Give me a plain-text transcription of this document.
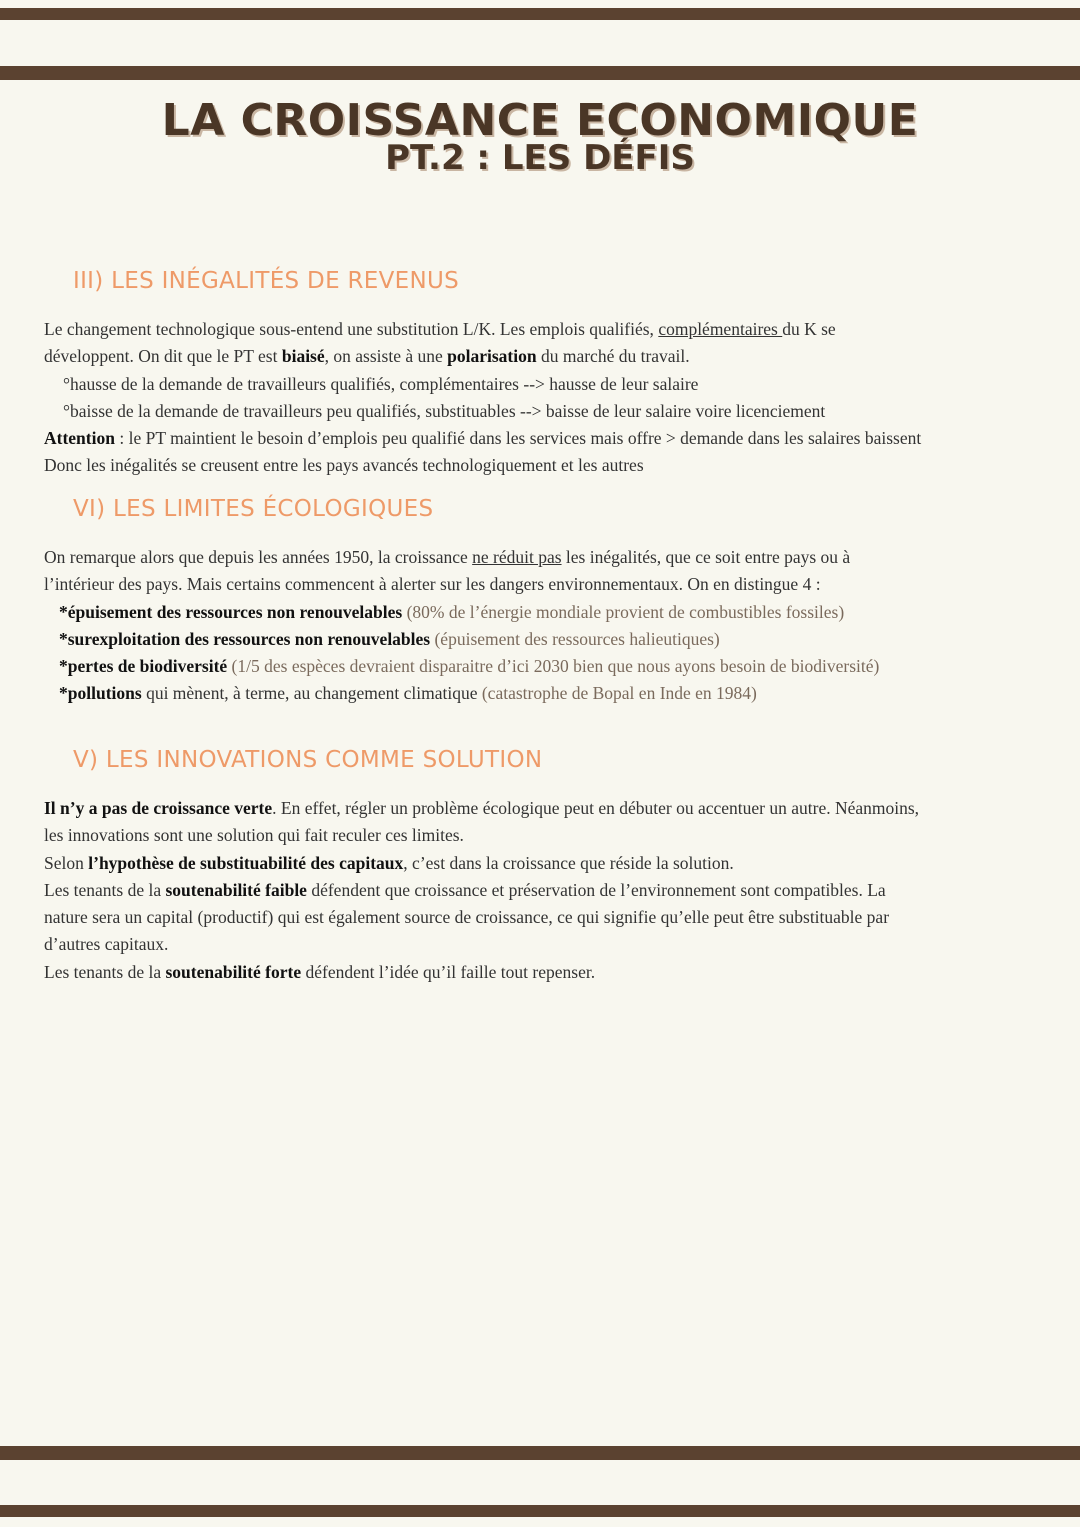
LA CROISSANCE ECONOMIQUE
PT.2 : LES DÉFIS
III) LES INÉGALITÉS DE REVENUS

Le changement technologique sous-entend une substitution L/K. Les emplois qualifiés, complémentaires du K se

développent. On dit que le PT est biaisé, on assiste à une polarisation du marché du travail.

°hausse de la demande de travailleurs qualifiés, complémentaires --> hausse de leur salaire

°baisse de la demande de travailleurs peu qualifiés, substituables --> baisse de leur salaire voire licenciement

Attention : le PT maintient le besoin d’emplois peu qualifié dans les services mais offre > demande dans les salaires baissent

Donc les inégalités se creusent entre les pays avancés technologiquement et les autres

VI) LES LIMITES ÉCOLOGIQUES

On remarque alors que depuis les années 1950, la croissance ne réduit pas les inégalités, que ce soit entre pays ou à

l’intérieur des pays. Mais certains commencent à alerter sur les dangers environnementaux. On en distingue 4 :

*épuisement des ressources non renouvelables (80% de l’énergie mondiale provient de combustibles fossiles)

*surexploitation des ressources non renouvelables (épuisement des ressources halieutiques)

*pertes de biodiversité (1/5 des espèces devraient disparaitre d’ici 2030 bien que nous ayons besoin de biodiversité)

*pollutions qui mènent, à terme, au changement climatique (catastrophe de Bopal en Inde en 1984)

V) LES INNOVATIONS COMME SOLUTION

Il n’y a pas de croissance verte. En effet, régler un problème écologique peut en débuter ou accentuer un autre. Néanmoins,

les innovations sont une solution qui fait reculer ces limites.

Selon l’hypothèse de substituabilité des capitaux, c’est dans la croissance que réside la solution.

Les tenants de la soutenabilité faible défendent que croissance et préservation de l’environnement sont compatibles. La

nature sera un capital (productif) qui est également source de croissance, ce qui signifie qu’elle peut être substituable par

d’autres capitaux.

Les tenants de la soutenabilité forte défendent l’idée qu’il faille tout repenser.
